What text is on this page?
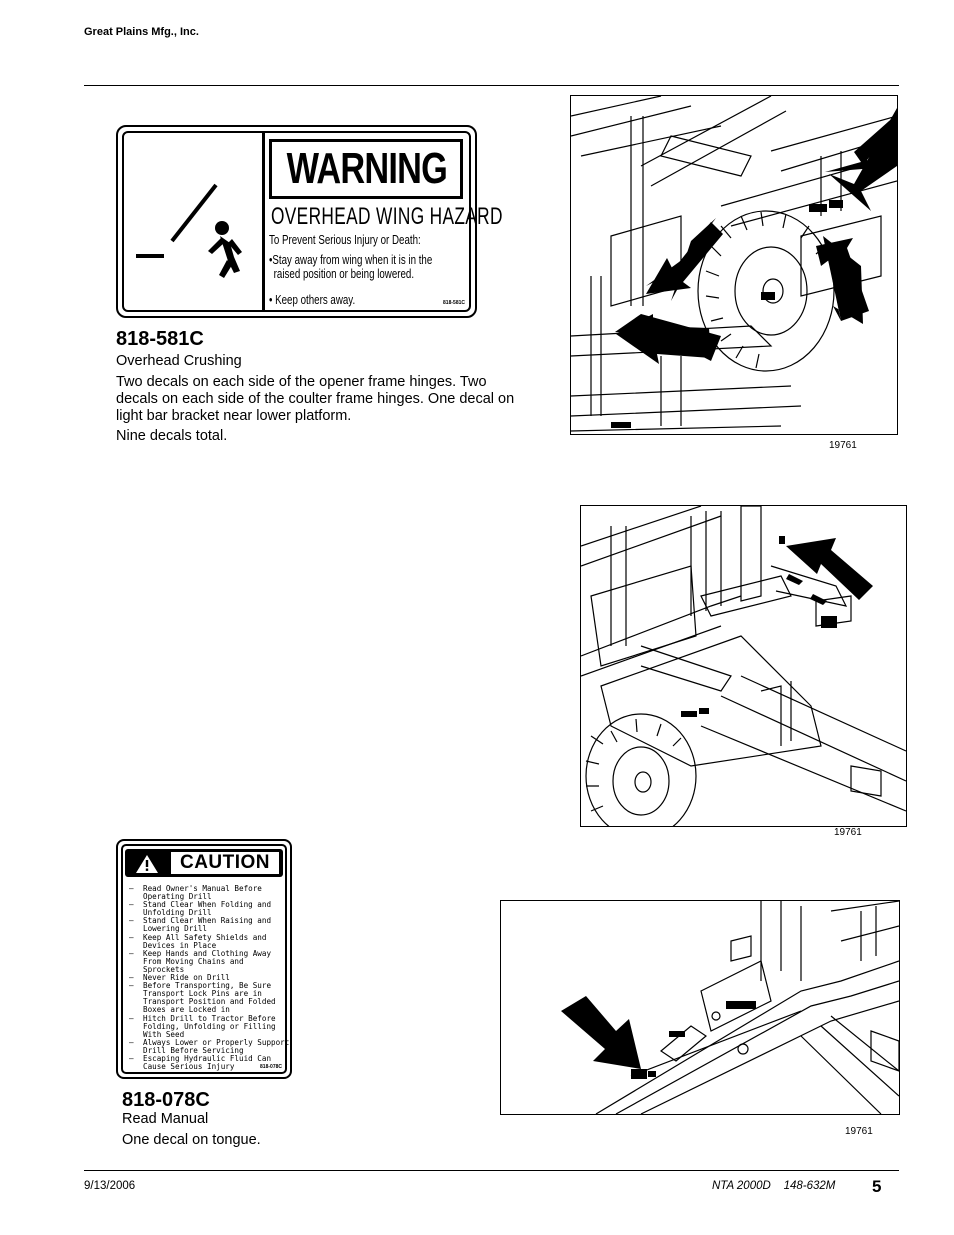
Great Plains Mfg., Inc.
WARNING
OVERHEAD WING HAZARD
To Prevent Serious Injury or Death:
•Stay away from wing when it is in the
raised position or being lowered.
• Keep others away.	818-581C
818-581C
Overhead Crushing
Two decals on each side of the opener frame hinges. Two decals on each side of the coulter frame hinges. One decal on light bar bracket near lower platform.
Nine decals total.
19761
19761
CAUTION
—	Read Owner's Manual Before
Operating Drill
—	Stand Clear When Folding and
Unfolding Drill
—	Stand Clear When Raising and
Lowering Drill
—	Keep All Safety Shields and
Devices in Place
—	Keep Hands and Clothing Away
From Moving Chains and
Sprockets
—	Never Ride on Drill
—	Before Transporting, Be Sure
Transport Lock Pins are in
Transport Position and Folded
Boxes are Locked in
—	Hitch Drill to Tractor Before
Folding, Unfolding or Filling
With Seed
—	Always Lower or Properly Support
Drill Before Servicing
—	Escaping Hydraulic Fluid Can
Cause Serious Injury	818-078C
818-078C
Read Manual
One decal on tongue.
19761
9/13/2006	NTA 2000D    148-632M 5
